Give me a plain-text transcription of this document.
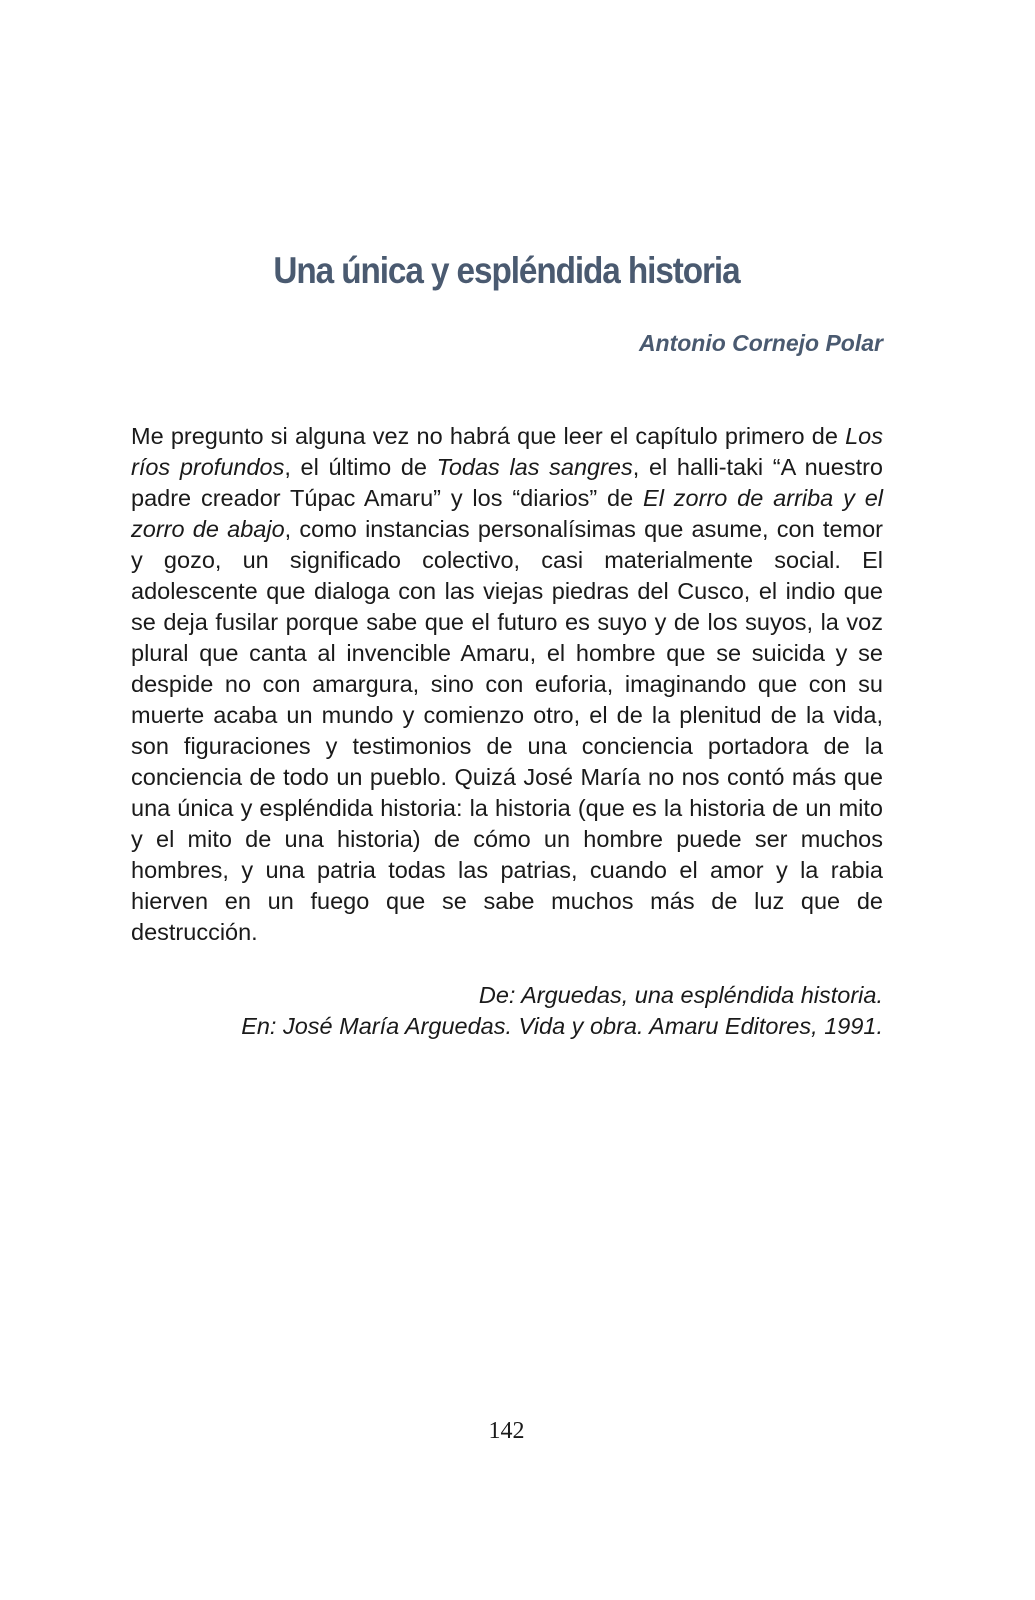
Una única y espléndida historia

Antonio Cornejo Polar

Me pregunto si alguna vez no habrá que leer el capítulo primero de Los ríos profundos, el último de Todas las sangres, el halli-taki “A nuestro padre creador Túpac Amaru” y los “diarios” de El zorro de arriba y el zorro de abajo, como instancias personalísimas que asume, con temor y gozo, un significado colectivo, casi materialmente social. El adolescente que dialoga con las viejas piedras del Cusco, el indio que se deja fusilar porque sabe que el futuro es suyo y de los suyos, la voz plural que canta al invencible Amaru, el hombre que se suicida y se despide no con amargura, sino con euforia, imaginando que con su muerte acaba un mundo y comienzo otro, el de la plenitud de la vida, son figuraciones y testimonios de una conciencia portadora de la conciencia de todo un pueblo. Quizá José María no nos contó más que una única y espléndida historia: la historia (que es la historia de un mito y el mito de una historia) de cómo un hombre puede ser muchos hombres, y una patria todas las patrias, cuando el amor y la rabia hierven en un fuego que se sabe muchos más de luz que de destrucción.

De: Arguedas, una espléndida historia.
En: José María Arguedas. Vida y obra. Amaru Editores, 1991.
142
